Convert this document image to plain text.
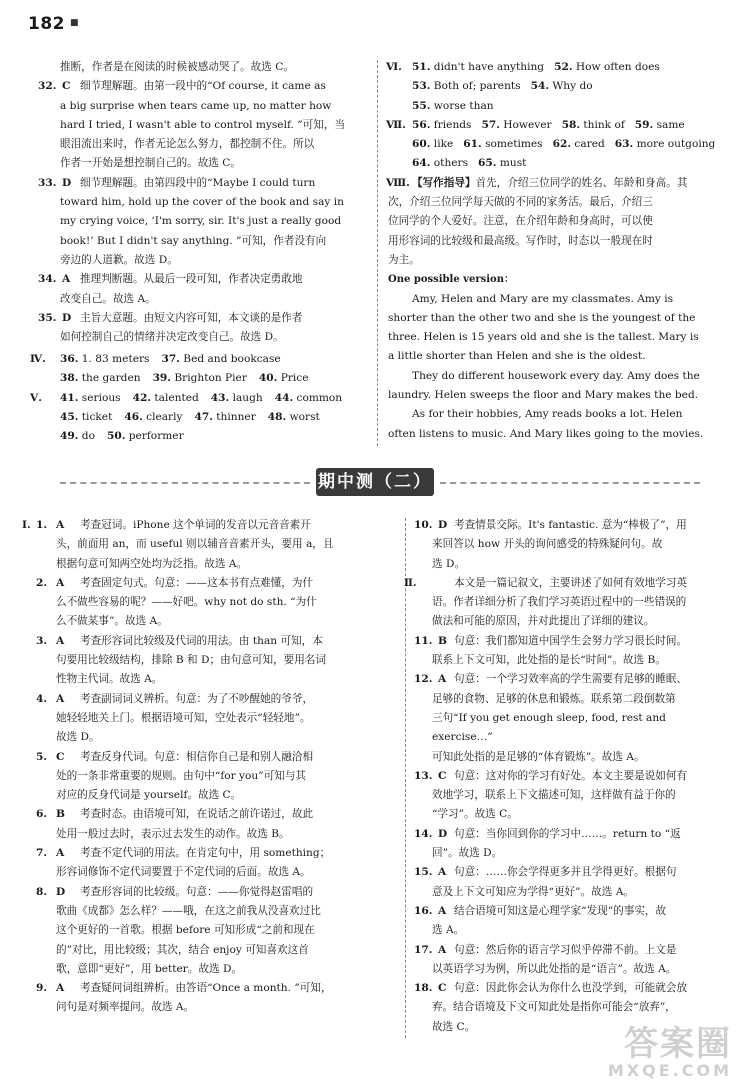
182 ■
推断，作者是在阅读的时候被感动哭了。故选 C。
32. C 细节理解题。由第一段中的“Of course, it came as
a big surprise when tears came up, no matter how
hard I tried, I wasn't able to control myself. ”可知，当
眼泪流出来时，作者无论怎么努力，都控制不住。所以
作者一开始是想控制自己的。故选 C。
33. D 细节理解题。由第四段中的“Maybe I could turn
toward him, hold up the cover of the book and say in
my crying voice, ‘I'm sorry, sir. It's just a really good
book!’ But I didn't say anything. ”可知，作者没有向
旁边的人道歉。故选 D。
34. A 推理判断题。从最后一段可知，作者决定勇敢地
改变自己。故选 A。
35. D 主旨大意题。由短文内容可知，本文谈的是作者
如何控制自己的情绪并决定改变自己。故选 D。
Ⅳ. 36. 1. 83 meters 37. Bed and bookcase
38. the garden 39. Brighton Pier 40. Price
Ⅴ. 41. serious 42. talented 43. laugh 44. common
45. ticket 46. clearly 47. thinner 48. worst
49. do 50. performer
Ⅵ. 51. didn't have anything 52. How often does
53. Both of; parents 54. Why do
55. worse than
Ⅶ. 56. friends 57. However 58. think of 59. same
60. like 61. sometimes 62. cared 63. more outgoing
64. others 65. must
Ⅷ. 【写作指导】首先，介绍三位同学的姓名、年龄和身高。其
次，介绍三位同学每天做的不同的家务活。最后，介绍三
位同学的个人爱好。注意，在介绍年龄和身高时，可以使
用形容词的比较级和最高级。写作时，时态以一般现在时
为主。
One possible version：
Amy, Helen and Mary are my classmates. Amy is
shorter than the other two and she is the youngest of the
three. Helen is 15 years old and she is the tallest. Mary is
a little shorter than Helen and she is the oldest.
They do different housework every day. Amy does the
laundry. Helen sweeps the floor and Mary makes the bed.
As for their hobbies, Amy reads books a lot. Helen
often listens to music. And Mary likes going to the movies.
期中测（二）
Ⅰ. 1. A 考查冠词。iPhone 这个单词的发音以元音音素开
头，前面用 an，而 useful 则以辅音音素开头，要用 a，且
根据句意可知两空处均为泛指。故选 A。
2. A 考查固定句式。句意：——这本书有点难懂，为什
么不做些容易的呢？——好吧。why not do sth. “为什
么不做某事”。故选 A。
3. A 考查形容词比较级及代词的用法。由 than 可知，本
句要用比较级结构，排除 B 和 D；由句意可知，要用名词
性物主代词。故选 A。
4. A 考查副词词义辨析。句意：为了不吵醒她的爷爷，
她轻轻地关上门。根据语境可知，空处表示“轻轻地”。
故选 D。
5. C 考查反身代词。句意：相信你自己是和别人融洽相
处的一条非常重要的规则。由句中“for you”可知与其
对应的反身代词是 yourself。故选 C。
6. B 考查时态。由语境可知，在说话之前许诺过，故此
处用一般过去时，表示过去发生的动作。故选 B。
7. A 考查不定代词的用法。在肯定句中，用 something；
形容词修饰不定代词要置于不定代词的后面。故选 A。
8. D 考查形容词的比较级。句意：——你觉得赵雷唱的
歌曲《成都》怎么样？——哦，在这之前我从没喜欢过比
这个更好的一首歌。根据 before 可知形成“之前和现在
的”对比，用比较级；其次，结合 enjoy 可知喜欢这首
歌，意即“更好”，用 better。故选 D。
9. A 考查疑问词组辨析。由答语“Once a month. ”可知，
问句是对频率提问。故选 A。
10. D 考查情景交际。It's fantastic. 意为“棒极了”，用
来回答以 how 开头的询问感受的特殊疑问句。故
选 D。
Ⅱ.	本文是一篇记叙文，主要讲述了如何有效地学习英
语。作者详细分析了我们学习英语过程中的一些错误的
做法和可能的原因，并对此提出了详细的建议。
11. B 句意：我们都知道中国学生会努力学习很长时间。
联系上下文可知，此处指的是长“时间”。故选 B。
12. A 句意：一个学习效率高的学生需要有足够的睡眠、
足够的食物、足够的休息和锻炼。联系第二段倒数第
三句“If you get enough sleep, food, rest and exercise…”
可知此处指的是足够的“体育锻炼”。故选 A。
13. C 句意：这对你的学习有好处。本文主要是说如何有
效地学习，联系上下文描述可知，这样做有益于你的
“学习”。故选 C。
14. D 句意：当你回到你的学习中……。return to “返
回”。故选 D。
15. A 句意：……你会学得更多并且学得更好。根据句
意及上下文可知应为学得“更好”。故选 A。
16. A 结合语境可知这是心理学家“发现”的事实，故
选 A。
17. A 句意：然后你的语言学习似乎停滞不前。上文是
以英语学习为例，所以此处指的是“语言”。故选 A。
18. C 句意：因此你会认为你什么也没学到，可能就会放
弃。结合语境及下文可知此处是指你可能会“放弃”，
故选 C。	答案圈
MXQE.COM
